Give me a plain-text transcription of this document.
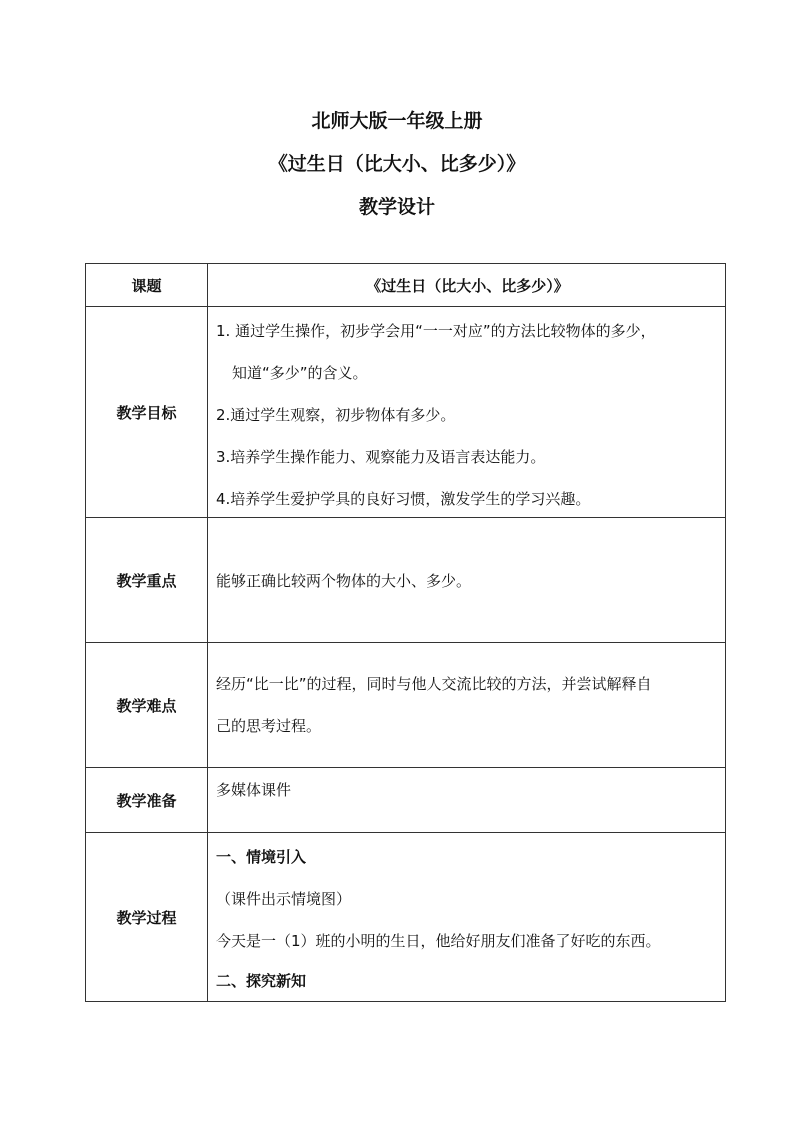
北师大版一年级上册
《过生日（比大小、比多少）》
教学设计
课题	《过生日（比大小、比多少）》
教学目标	1. 通过学生操作，初步学会用“一一对应”的方法比较物体的多少，
知道“多少”的含义。
2.通过学生观察，初步物体有多少。
3.培养学生操作能力、观察能力及语言表达能力。
4.培养学生爱护学具的良好习惯，激发学生的学习兴趣。

教学重点	能够正确比较两个物体的大小、多少。
教学难点	经历“比一比”的过程，同时与他人交流比较的方法，并尝试解释自
己的思考过程。

教学准备	多媒体课件

教学过程	一、情境引入
（课件出示情境图）
今天是一（1）班的小明的生日，他给好朋友们准备了好吃的东西。
二、探究新知
